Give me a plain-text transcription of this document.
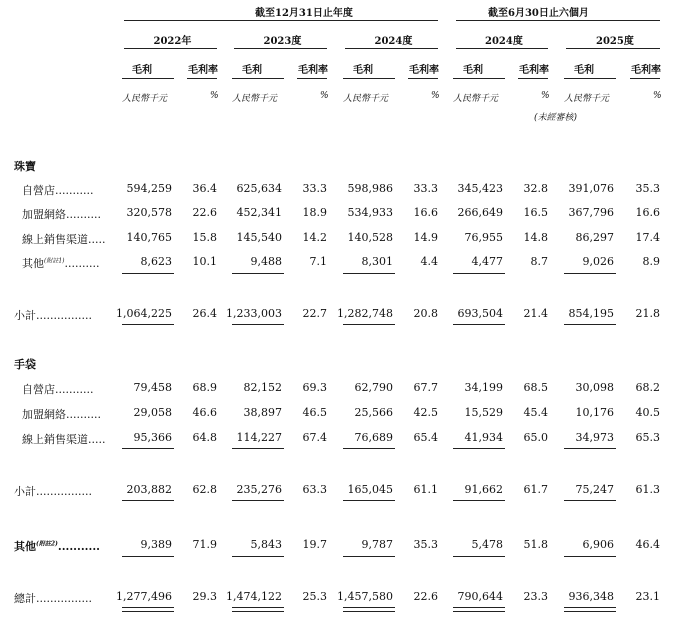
截至12月31日止年度	截至6月30日止六個月
2022年
毛利	毛利率
人民幣千元	%
2023度
毛利	毛利率
人民幣千元	%
2024度
毛利	毛利率
人民幣千元	%
2024度
毛利	毛利率
人民幣千元	%
2025度
毛利	毛利率
人民幣千元	%
(未經審核)
珠寶
自營店...........	594,259	36.4	625,634	33.3	598,986	33.3	345,423	32.8	391,076	35.3
加盟網絡..........	320,578	22.6	452,341	18.9	534,933	16.6	266,649	16.5	367,796	16.6
線上銷售渠道.....	140,765	15.8	145,540	14.2	140,528	14.9	76,955	14.8	86,297	17.4
其他$^{(附註1)}$..........	8,623	10.1	9,488	7.1	8,301	4.4	4,477	8.7	9,026	8.9
小計................	1,064,225	26.4 1,233,003	22.7 1,282,748	20.8	693,504	21.4	854,195	21.8
手袋
自營店...........	79,458	68.9	82,152	69.3	62,790	67.7	34,199	68.5	30,098	68.2
加盟網絡..........	29,058	46.6	38,897	46.5	25,566	42.5	15,529	45.4	10,176	40.5
線上銷售渠道.....	95,366	64.8	114,227	67.4	76,689	65.4	41,934	65.0	34,973	65.3
小計................	203,882	62.8	235,276	63.3	165,045	61.1	91,662	61.7	75,247	61.3
其他$^{(附註2)}$...........	9,389	71.9	5,843	19.7	9,787	35.3	5,478	51.8	6,906	46.4
總計................	1,277,496	29.3 1,474,122	25.3 1,457,580	22.6	790,644	23.3	936,348	23.1
